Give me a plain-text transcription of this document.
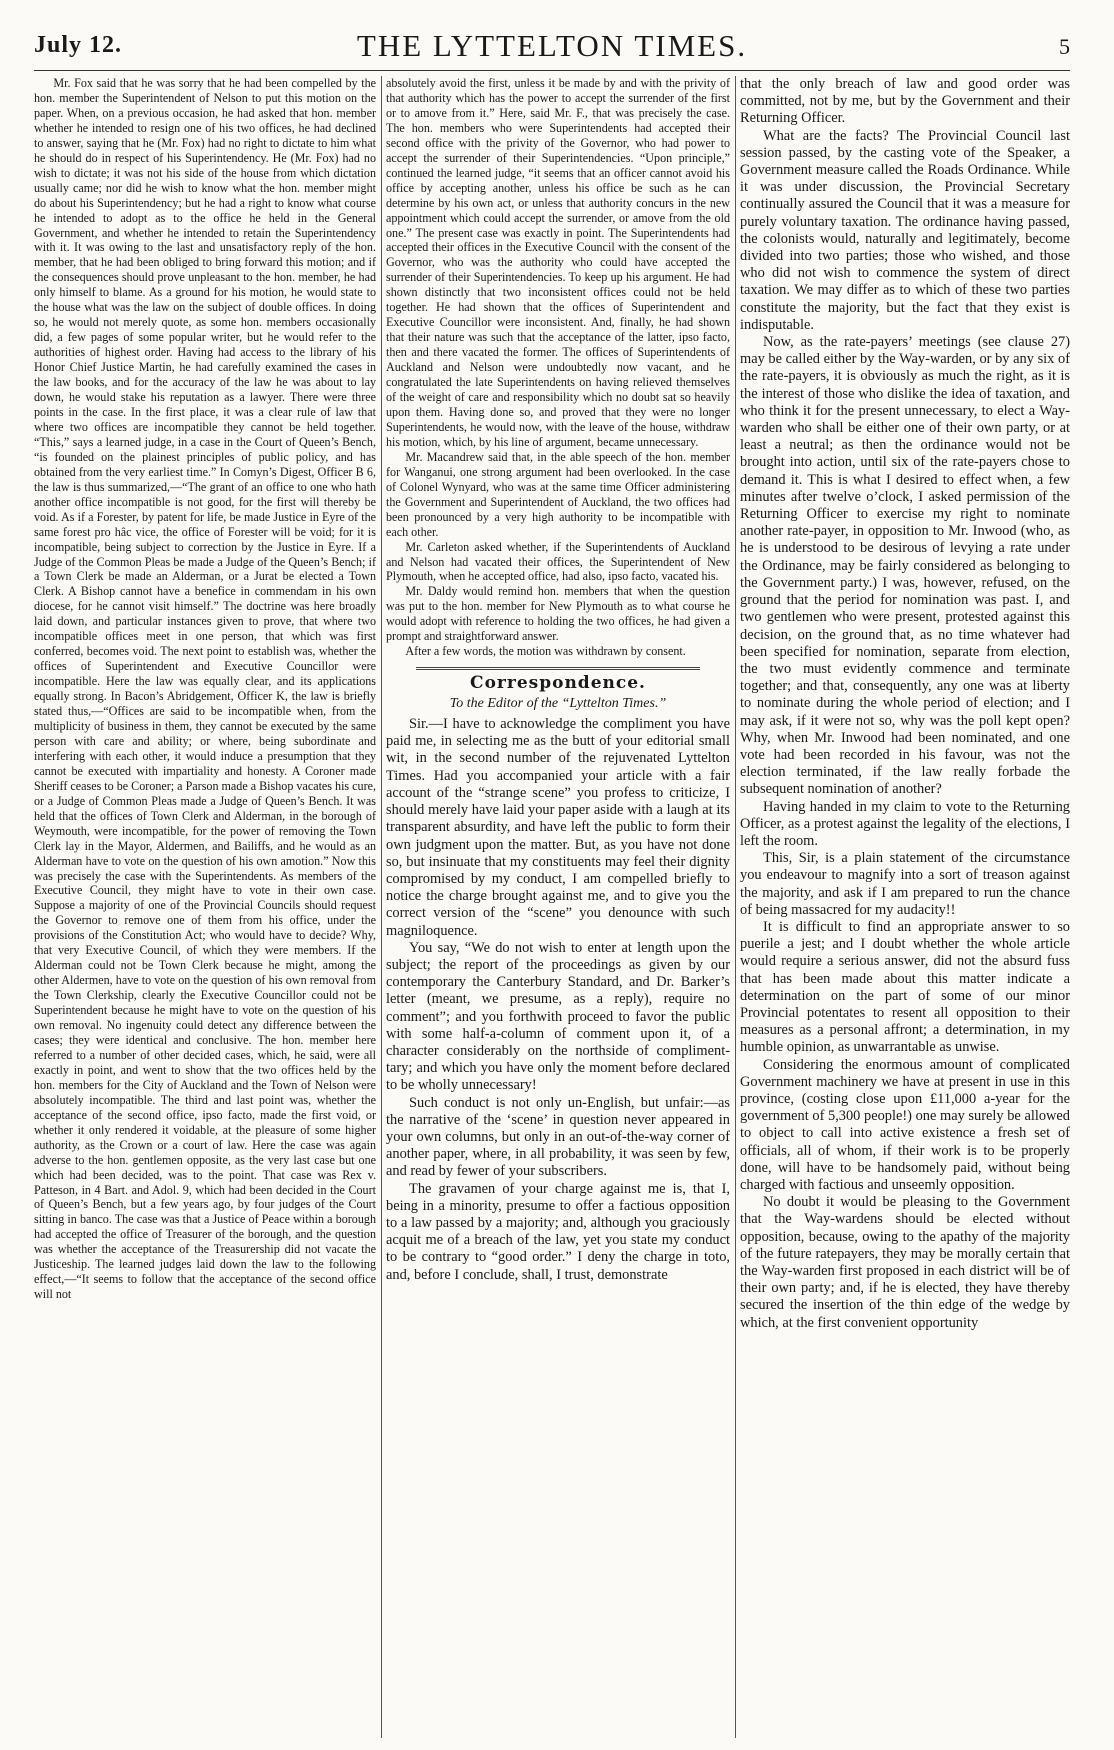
July 12.	THE LYTTELTON TIMES.	5

Mr. Fox said that he was sorry that he had been compelled by the hon. member the Superintendent of Nelson to put this motion on the paper. When, on a previous occasion, he had asked that hon. member whether he intended to resign one of his two offices, he had declined to answer, saying that he (Mr. Fox) had no right to dictate to him what he should do in respect of his Superintendency. He (Mr. Fox) had no wish to dictate; it was not his side of the house from which dictation usually came; nor did he wish to know what the hon. member might do about his Superintendency; but he had a right to know what course he intended to adopt as to the office he held in the General Government, and whether he intended to retain the Superintendency with it. It was owing to the last and unsatisfactory reply of the hon. member, that he had been obliged to bring forward this motion; and if the consequences should prove unpleasant to the hon. member, he had only himself to blame. As a ground for his motion, he would state to the house what was the law on the subject of double offices. In doing so, he would not merely quote, as some hon. members occasionally did, a few pages of some popular writer, but he would refer to the authorities of highest order. Having had access to the library of his Honor Chief Justice Martin, he had carefully examined the cases in the law books, and for the accuracy of the law he was about to lay down, he would stake his reputation as a lawyer. There were three points in the case. In the first place, it was a clear rule of law that where two offices are incompatible they cannot be held together. “This,” says a learned judge, in a case in the Court of Queen’s Bench, “is founded on the plainest principles of public policy, and has obtained from the very earliest time.” In Comyn’s Digest, Officer B 6, the law is thus summarized,—“The grant of an office to one who hath another office incompatible is not good, for the first will thereby be void. As if a Forester, by patent for life, be made Justice in Eyre of the same forest pro hâc vice, the office of Forester will be void; for it is incompatible, being subject to correction by the Justice in Eyre. If a Judge of the Common Pleas be made a Judge of the Queen’s Bench; if a Town Clerk be made an Alderman, or a Jurat be elected a Town Clerk. A Bishop cannot have a benefice in commendam in his own diocese, for he cannot visit himself.” The doctrine was here broadly laid down, and particular instances given to prove, that where two incompatible offices meet in one person, that which was first conferred, becomes void. The next point to establish was, whether the offices of Superintendent and Executive Councillor were incompatible. Here the law was equally clear, and its applications equally strong. In Bacon’s Abridgement, Officer K, the law is briefly stated thus,—“Offices are said to be incompatible when, from the multiplicity of business in them, they cannot be executed by the same person with care and ability; or where, being subordinate and interfering with each other, it would induce a presumption that they cannot be executed with impartiality and honesty. A Coroner made Sheriff ceases to be Coroner; a Parson made a Bishop vacates his cure, or a Judge of Common Pleas made a Judge of Queen’s Bench. It was held that the offices of Town Clerk and Alderman, in the borough of Weymouth, were incompatible, for the power of removing the Town Clerk lay in the Mayor, Aldermen, and Bailiffs, and he would as an Alderman have to vote on the question of his own amotion.” Now this was precisely the case with the Superintendents. As members of the Executive Council, they might have to vote in their own case. Suppose a majority of one of the Provincial Councils should request the Governor to remove one of them from his office, under the provisions of the Constitution Act; who would have to decide? Why, that very Executive Council, of which they were members. If the Alderman could not be Town Clerk because he might, among the other Aldermen, have to vote on the question of his own removal from the Town Clerkship, clearly the Executive Councillor could not be Superintendent because he might have to vote on the question of his own removal. No ingenuity could detect any difference between the cases; they were identical and conclusive. The hon. member here referred to a number of other decided cases, which, he said, were all exactly in point, and went to show that the two offices held by the hon. members for the City of Auckland and the Town of Nelson were absolutely incompatible. The third and last point was, whether the acceptance of the second office, ipso facto, made the first void, or whether it only rendered it voidable, at the pleasure of some higher authority, as the Crown or a court of law. Here the case was again adverse to the hon. gentlemen opposite, as the very last case but one which had been decided, was to the point. That case was Rex v. Patteson, in 4 Bart. and Adol. 9, which had been decided in the Court of Queen’s Bench, but a few years ago, by four judges of the Court sitting in banco. The case was that a Justice of Peace within a borough had accepted the office of Treasurer of the borough, and the question was whether the acceptance of the Treasurership did not vacate the Justiceship. The learned judges laid down the law to the following effect,—“It seems to follow that the acceptance of the second office will not

absolutely avoid the first, unless it be made by and with the privity of that authority which has the power to accept the surrender of the first or to amove from it.” Here, said Mr. F., that was precisely the case. The hon. members who were Superintendents had accepted their second office with the privity of the Governor, who had power to accept the surrender of their Superintendencies. “Upon principle,” continued the learned judge, “it seems that an officer cannot avoid his office by accepting another, unless his office be such as he can determine by his own act, or unless that authority concurs in the new appointment which could accept the surrender, or amove from the old one.” The present case was exactly in point. The Superintendents had accepted their offices in the Executive Council with the consent of the Governor, who was the authority who could have accepted the surrender of their Superintendencies. To keep up his argument. He had shown distinctly that two inconsistent offices could not be held together. He had shown that the offices of Superintendent and Executive Councillor were inconsistent. And, finally, he had shown that their nature was such that the acceptance of the latter, ipso facto, then and there vacated the former. The offices of Superintendents of Auckland and Nelson were undoubtedly now vacant, and he congratulated the late Superintendents on having relieved themselves of the weight of care and responsibility which no doubt sat so heavily upon them. Having done so, and proved that they were no longer Superintendents, he would now, with the leave of the house, withdraw his motion, which, by his line of argument, became unnecessary.

Mr. Macandrew said that, in the able speech of the hon. member for Wanganui, one strong argument had been overlooked. In the case of Colonel Wynyard, who was at the same time Officer administering the Government and Superintendent of Auckland, the two offices had been pronounced by a very high authority to be incompatible with each other.

Mr. Carleton asked whether, if the Superintendents of Auckland and Nelson had vacated their offices, the Superintendent of New Plymouth, when he accepted office, had also, ipso facto, vacated his.

Mr. Daldy would remind hon. members that when the question was put to the hon. member for New Plymouth as to what course he would adopt with reference to holding the two offices, he had given a prompt and straightforward answer.

After a few words, the motion was withdrawn by consent.

Correspondence.
To the Editor of the “Lyttelton Times.”

Sir.—I have to acknowledge the compliment you have paid me, in selecting me as the butt of your editorial small wit, in the second number of the rejuvenated Lyttelton Times. Had you accompanied your article with a fair account of the “strange scene” you profess to criticize, I should merely have laid your paper aside with a laugh at its transparent absurdity, and have left the public to form their own judgment upon the matter. But, as you have not done so, but insinuate that my constituents may feel their dignity compromised by my conduct, I am compelled briefly to notice the charge brought against me, and to give you the correct version of the “scene” you denounce with such magniloquence.

You say, “We do not wish to enter at length upon the subject; the report of the proceedings as given by our contemporary the Canterbury Standard, and Dr. Barker’s letter (meant, we presume, as a reply), require no comment”; and you forthwith proceed to favor the public with some half-a-column of comment upon it, of a character considerably on the northside of compliment-tary; and which you have only the moment before declared to be wholly unnecessary!

Such conduct is not only un-English, but unfair:—as the narrative of the ‘scene’ in question never appeared in your own columns, but only in an out-of-the-way corner of another paper, where, in all probability, it was seen by few, and read by fewer of your subscribers.

The gravamen of your charge against me is, that I, being in a minority, presume to offer a factious opposition to a law passed by a majority; and, although you graciously acquit me of a breach of the law, yet you state my conduct to be contrary to “good order.” I deny the charge in toto, and, before I conclude, shall, I trust, demonstrate

that the only breach of law and good order was committed, not by me, but by the Government and their Returning Officer.

What are the facts? The Provincial Council last session passed, by the casting vote of the Speaker, a Government measure called the Roads Ordinance. While it was under discussion, the Provincial Secretary continually assured the Council that it was a measure for purely voluntary taxation. The ordinance having passed, the colonists would, naturally and legitimately, become divided into two parties; those who wished, and those who did not wish to commence the system of direct taxation. We may differ as to which of these two parties constitute the majority, but the fact that they exist is indisputable.

Now, as the rate-payers’ meetings (see clause 27) may be called either by the Way-warden, or by any six of the rate-payers, it is obviously as much the right, as it is the interest of those who dislike the idea of taxation, and who think it for the present unnecessary, to elect a Way-warden who shall be either one of their own party, or at least a neutral; as then the ordinance would not be brought into action, until six of the rate-payers chose to demand it. This is what I desired to effect when, a few minutes after twelve o’clock, I asked permission of the Returning Officer to exercise my right to nominate another rate-payer, in opposition to Mr. Inwood (who, as he is understood to be desirous of levying a rate under the Ordinance, may be fairly considered as belonging to the Government party.) I was, however, refused, on the ground that the period for nomination was past. I, and two gentlemen who were present, protested against this decision, on the ground that, as no time whatever had been specified for nomination, separate from election, the two must evidently commence and terminate together; and that, consequently, any one was at liberty to nominate during the whole period of election; and I may ask, if it were not so, why was the poll kept open? Why, when Mr. Inwood had been nominated, and one vote had been recorded in his favour, was not the election terminated, if the law really forbade the subsequent nomination of another?

Having handed in my claim to vote to the Returning Officer, as a protest against the legality of the elections, I left the room.

This, Sir, is a plain statement of the circumstance you endeavour to magnify into a sort of treason against the majority, and ask if I am prepared to run the chance of being massacred for my audacity!!

It is difficult to find an appropriate answer to so puerile a jest; and I doubt whether the whole article would require a serious answer, did not the absurd fuss that has been made about this matter indicate a determination on the part of some of our minor Provincial potentates to resent all opposition to their measures as a personal affront; a determination, in my humble opinion, as unwarrantable as unwise.

Considering the enormous amount of complicated Government machinery we have at present in use in this province, (costing close upon £11,000 a-year for the government of 5,300 people!) one may surely be allowed to object to call into active existence a fresh set of officials, all of whom, if their work is to be properly done, will have to be handsomely paid, without being charged with factious and unseemly opposition.

No doubt it would be pleasing to the Government that the Way-wardens should be elected without opposition, because, owing to the apathy of the majority of the future ratepayers, they may be morally certain that the Way-warden first proposed in each district will be of their own party; and, if he is elected, they have thereby secured the insertion of the thin edge of the wedge by which, at the first convenient opportunity
